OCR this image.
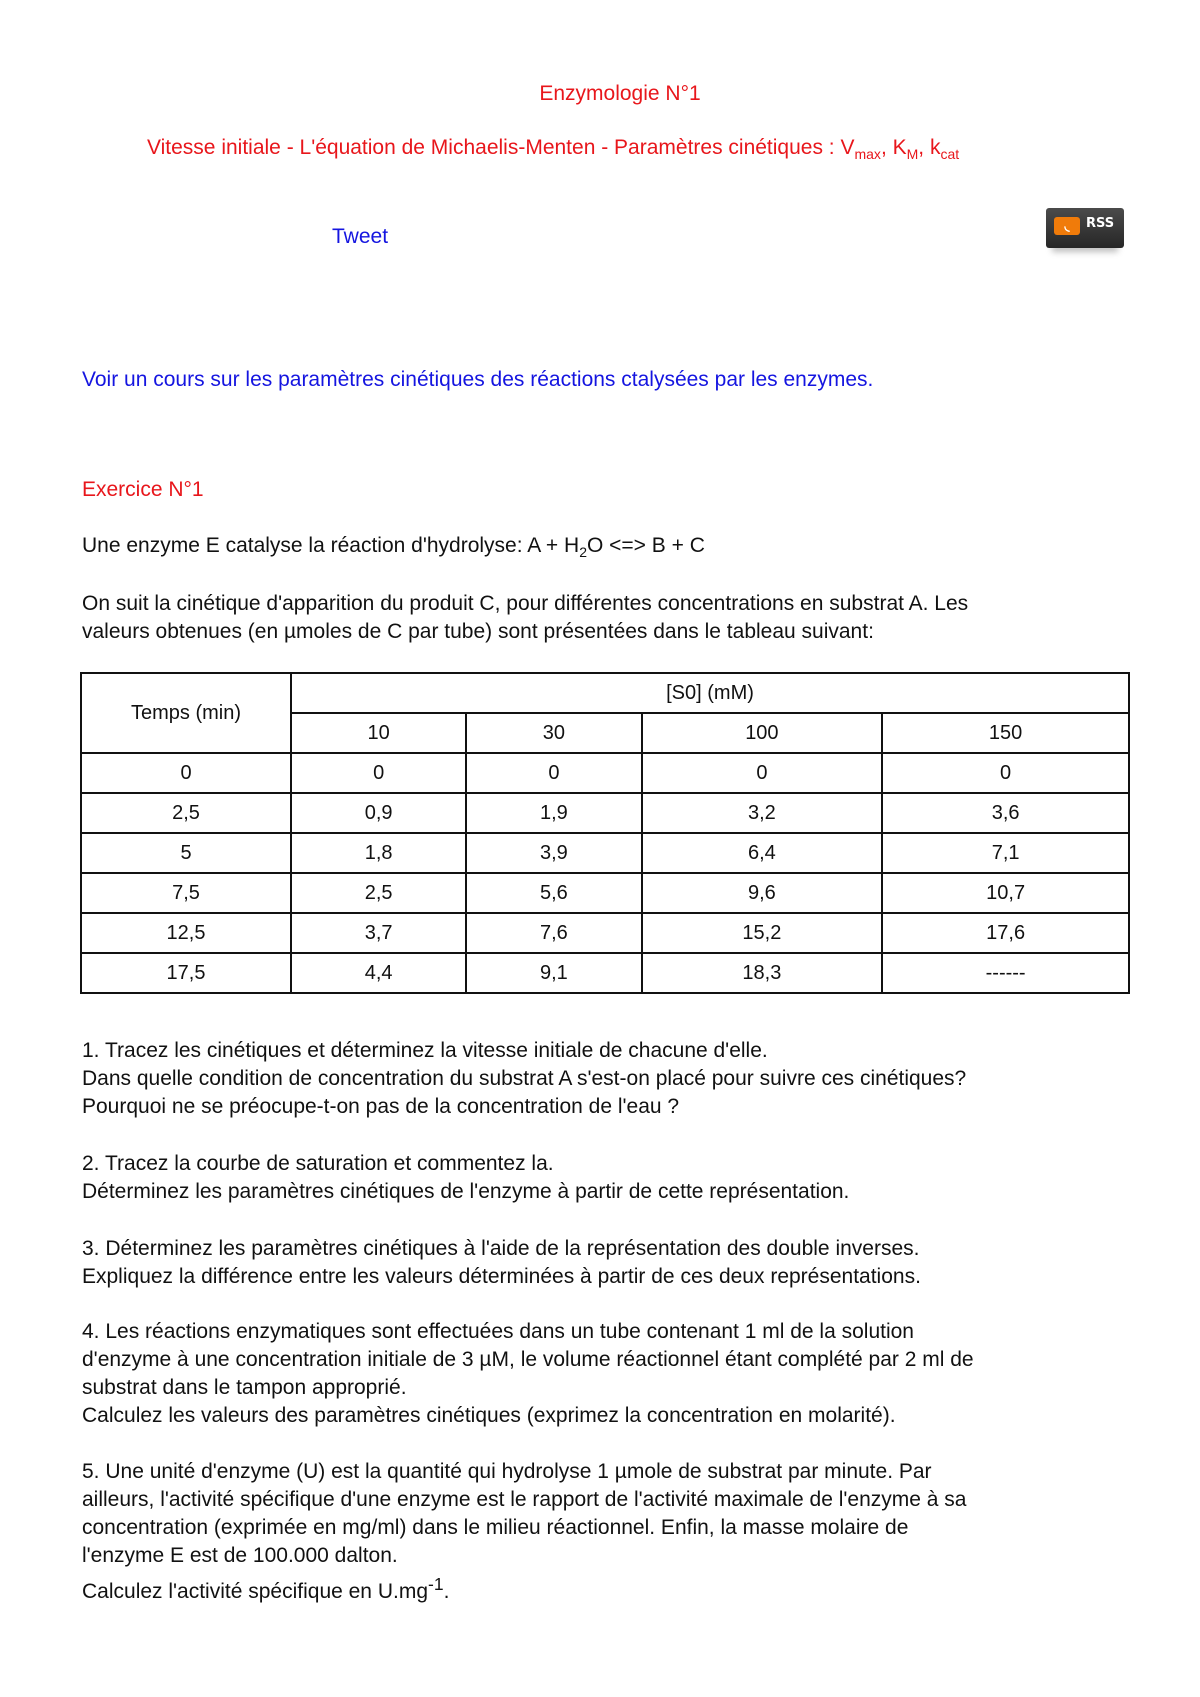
Enzymologie N°1
Vitesse initiale - L'équation de Michaelis-Menten - Paramètres cinétiques : $V_{max}$, $K_M$, $k_{cat}$
Tweet	◟	RSS
Voir un cours sur les paramètres cinétiques des réactions ctalysées par les enzymes.
Exercice N°1
Une enzyme E catalyse la réaction d'hydrolyse: $A + H_2O$ <=> B + C
On suit la cinétique d'apparition du produit C, pour différentes concentrations en substrat A. Les
valeurs obtenues (en µmoles de C par tube) sont présentées dans le tableau suivant:
Temps (min)	[S0] (mM)			
	10	30	100	150
0	0	0	0	0
2,5	0,9	1,9	3,2	3,6
5	1,8	3,9	6,4	7,1
7,5	2,5	5,6	9,6	10,7
12,5	3,7	7,6	15,2	17,6
17,5	4,4	9,1	18,3	------
1. Tracez les cinétiques et déterminez la vitesse initiale de chacune d'elle.
Dans quelle condition de concentration du substrat A s'est-on placé pour suivre ces cinétiques?
Pourquoi ne se préocupe-t-on pas de la concentration de l'eau ?
2. Tracez la courbe de saturation et commentez la.
Déterminez les paramètres cinétiques de l'enzyme à partir de cette représentation.
3. Déterminez les paramètres cinétiques à l'aide de la représentation des double inverses.
Expliquez la différence entre les valeurs déterminées à partir de ces deux représentations.
4. Les réactions enzymatiques sont effectuées dans un tube contenant 1 ml de la solution
d'enzyme à une concentration initiale de 3 µM, le volume réactionnel étant complété par 2 ml de
substrat dans le tampon approprié.
Calculez les valeurs des paramètres cinétiques (exprimez la concentration en molarité).
5. Une unité d'enzyme (U) est la quantité qui hydrolyse 1 µmole de substrat par minute. Par
ailleurs, l'activité spécifique d'une enzyme est le rapport de l'activité maximale de l'enzyme à sa
concentration (exprimée en mg/ml) dans le milieu réactionnel. Enfin, la masse molaire de
l'enzyme E est de 100.000 dalton.
Calculez l'activité spécifique en $U.mg^{-1}$.
